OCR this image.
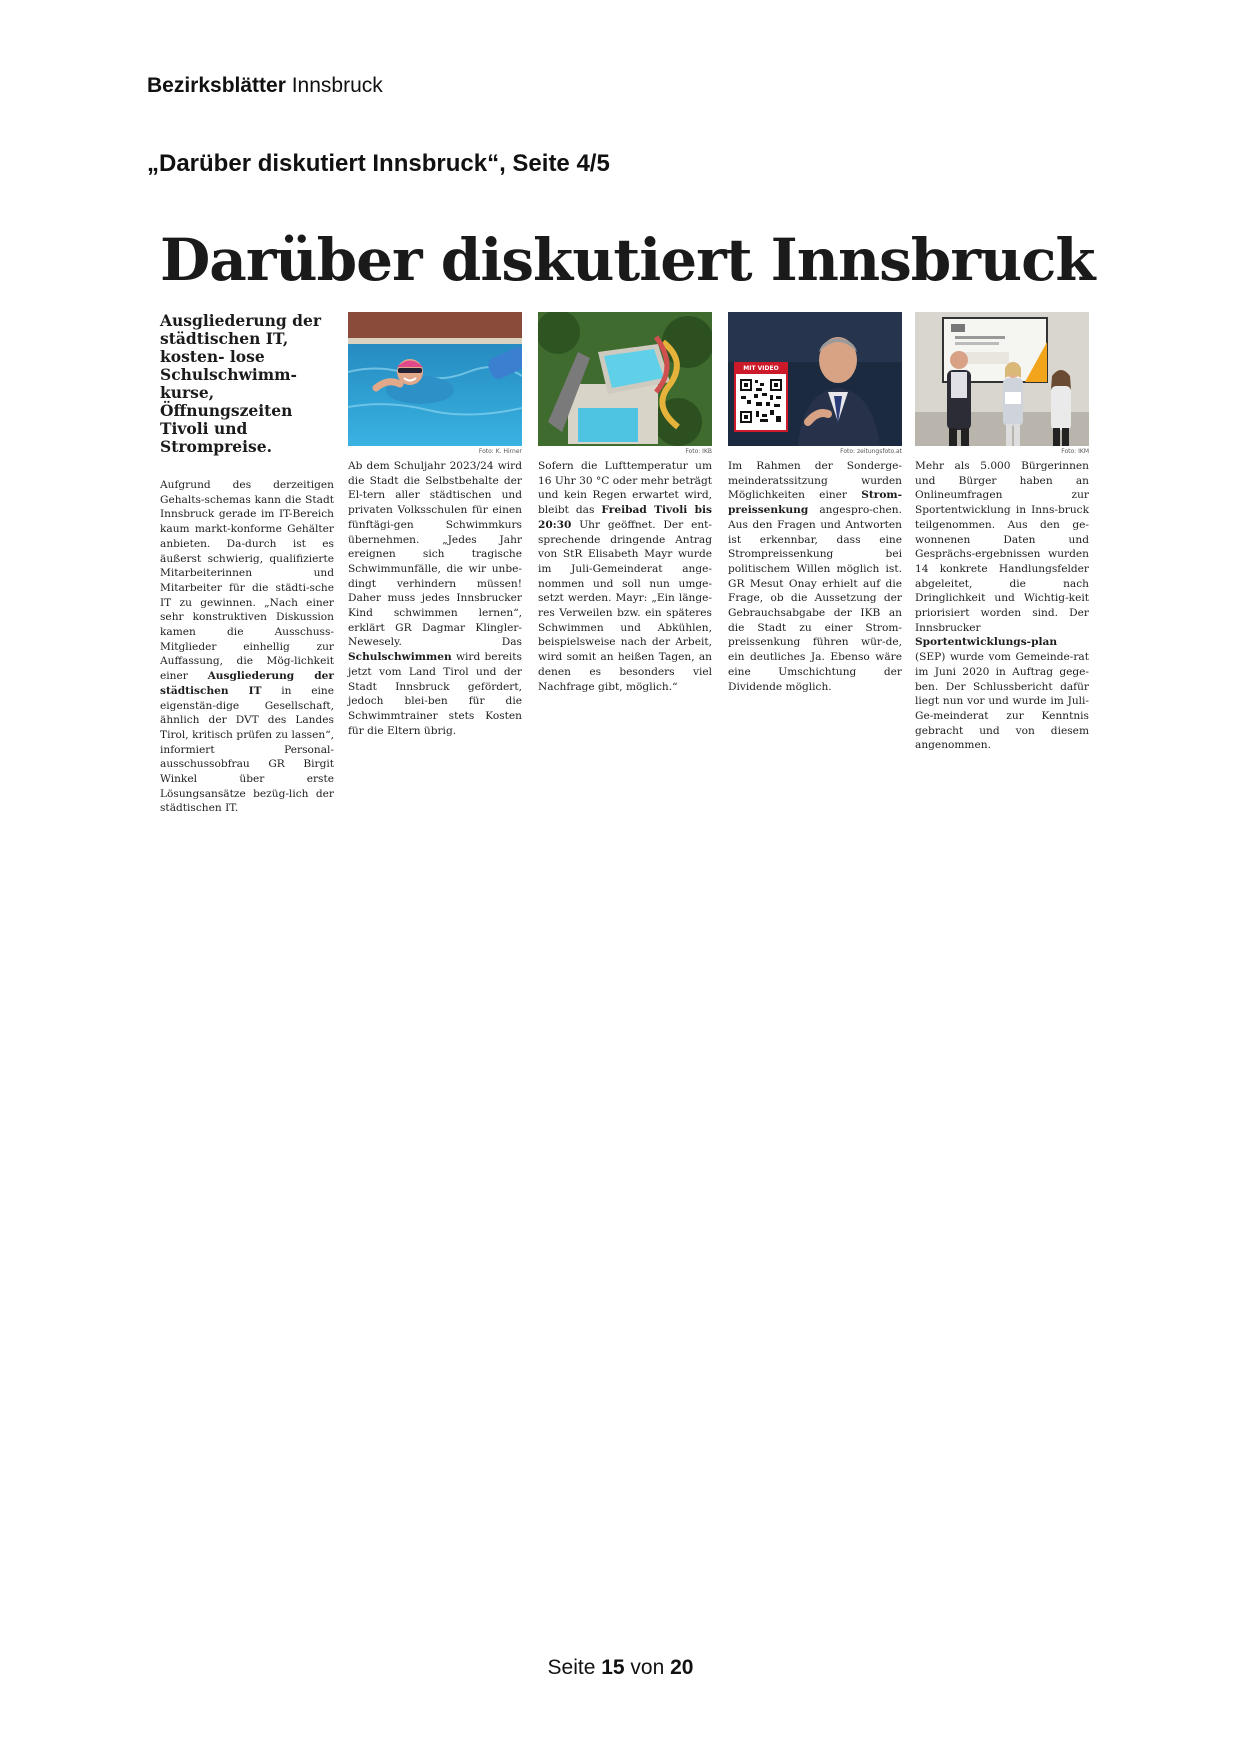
Bezirksblätter Innsbruck
„Darüber diskutiert Innsbruck“, Seite 4/5
Darüber diskutiert Innsbruck

Ausgliederung der städtischen IT, kosten- lose Schulschwimm- kurse, Öffnungszeiten Tivoli und Strompreise.

Aufgrund des derzeitigen Gehalts-schemas kann die Stadt Innsbruck gerade im IT-Bereich kaum markt-konforme Gehälter anbieten. Da-durch ist es äußerst schwierig, qualifizierte Mitarbeiterinnen und Mitarbeiter für die städti-sche IT zu gewinnen. „Nach einer sehr konstruktiven Diskussion kamen die Ausschuss-Mitglieder einhellig zur Auffassung, die Mög-lichkeit einer Ausgliederung der städtischen IT in eine eigenstän-dige Gesellschaft, ähnlich der DVT des Landes Tirol, kritisch prüfen zu lassen“, informiert Personal-ausschussobfrau GR Birgit Winkel über erste Lösungsansätze bezüg-lich der städtischen IT.

Foto: K. Hirner

Ab dem Schuljahr 2023/24 wird die Stadt die Selbstbehalte der El-tern aller städtischen und privaten Volksschulen für einen fünftägi-gen Schwimmkurs übernehmen. „Jedes Jahr ereignen sich tragische Schwimmunfälle, die wir unbe-dingt verhindern müssen! Daher muss jedes Innsbrucker Kind schwimmen lernen“, erklärt GR Dagmar Klingler-Newesely. Das Schulschwimmen wird bereits jetzt vom Land Tirol und der Stadt Innsbruck gefördert, jedoch blei-ben für die Schwimmtrainer stets Kosten für die Eltern übrig.

Foto: IKB

Sofern die Lufttemperatur um 16 Uhr 30 °C oder mehr beträgt und kein Regen erwartet wird, bleibt das Freibad Tivoli bis 20:30 Uhr geöffnet. Der ent-sprechende dringende Antrag von StR Elisabeth Mayr wurde im Juli-Gemeinderat ange-nommen und soll nun umge-setzt werden. Mayr: „Ein länge-res Verweilen bzw. ein späteres Schwimmen und Abkühlen, beispielsweise nach der Arbeit, wird somit an heißen Tagen, an denen es besonders viel Nachfrage gibt, möglich.“

MIT VIDEO
Foto: zeitungsfoto.at

Im Rahmen der Sonderge-meinderatssitzung wurden Möglichkeiten einer Strom-preissenkung angespro-chen. Aus den Fragen und Antworten ist erkennbar, dass eine Strompreissenkung bei politischem Willen möglich ist. GR Mesut Onay erhielt auf die Frage, ob die Aussetzung der Gebrauchsabgabe der IKB an die Stadt zu einer Strom-preissenkung führen wür-de, ein deutliches Ja. Ebenso wäre eine Umschichtung der Dividende möglich.

Foto: IKM

Mehr als 5.000 Bürgerinnen und Bürger haben an Onlineumfragen zur Sportentwicklung in Inns-bruck teilgenommen. Aus den ge-wonnenen Daten und Gesprächs-ergebnissen wurden 14 konkrete Handlungsfelder abgeleitet, die nach Dringlichkeit und Wichtig-keit priorisiert worden sind. Der Innsbrucker Sportentwicklungs-plan (SEP) wurde vom Gemeinde-rat im Juni 2020 in Auftrag gege-ben. Der Schlussbericht dafür liegt nun vor und wurde im Juli-Ge-meinderat zur Kenntnis gebracht und von diesem angenommen.

Seite 15 von 20
